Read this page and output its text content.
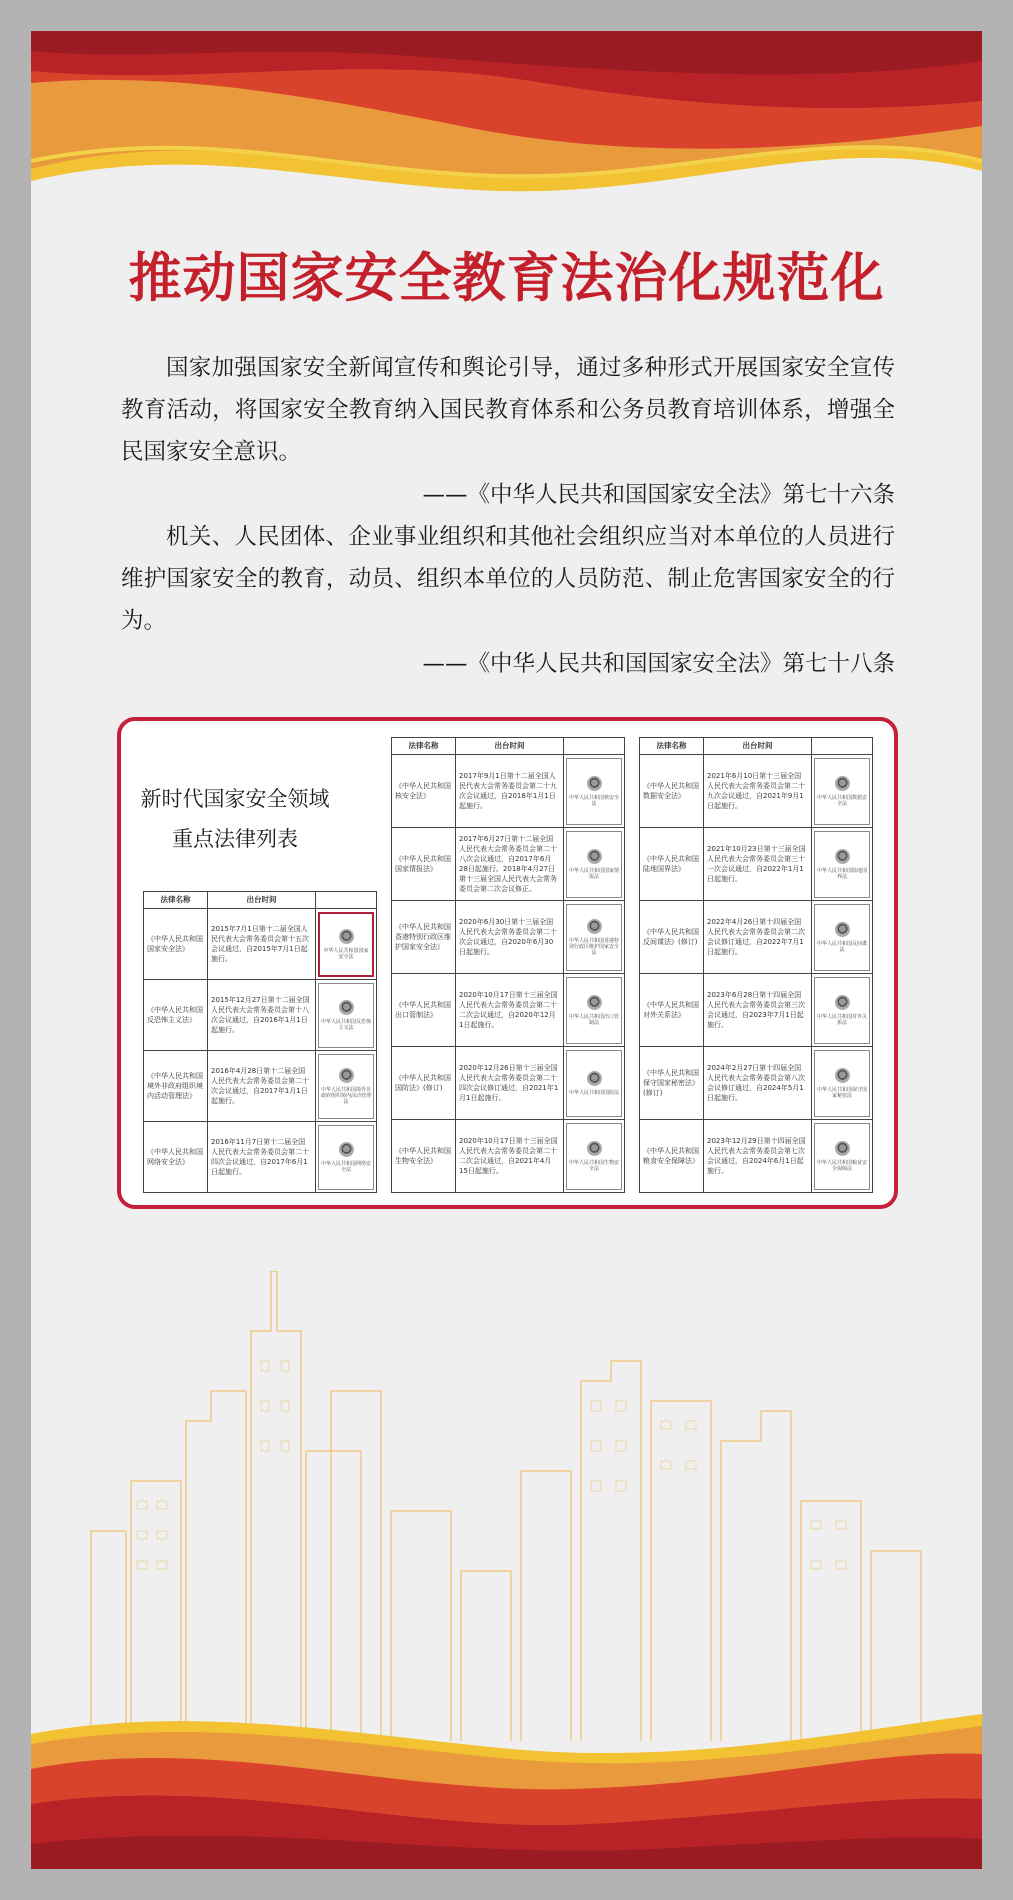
推动国家安全教育法治化规范化
国家加强国家安全新闻宣传和舆论引导，通过多种形式开展国家安全宣传教育活动，将国家安全教育纳入国民教育体系和公务员教育培训体系，增强全民国家安全意识。
——《中华人民共和国国家安全法》第七十六条
机关、人民团体、企业事业组织和其他社会组织应当对本单位的人员进行维护国家安全的教育，动员、组织本单位的人员防范、制止危害国家安全的行为。
——《中华人民共和国国家安全法》第七十八条
新时代国家安全领域
重点法律列表
法律名称	出台时间	
《中华人民共和国国家安全法》	2015年7月1日第十二届全国人民代表大会常务委员会第十五次会议通过，自2015年7月1日起施行。	中华人民共和国国家安全法

《中华人民共和国反恐怖主义法》	2015年12月27日第十二届全国人民代表大会常务委员会第十八次会议通过，自2016年1月1日起施行。	中华人民共和国反恐怖主义法

《中华人民共和国境外非政府组织境内活动管理法》	2016年4月28日第十二届全国人民代表大会常务委员会第二十次会议通过，自2017年1月1日起施行。	中华人民共和国境外非政府组织境内活动管理法

《中华人民共和国网络安全法》	2016年11月7日第十二届全国人民代表大会常务委员会第二十四次会议通过，自2017年6月1日起施行。	中华人民共和国网络安全法
法律名称	出台时间	
《中华人民共和国核安全法》	2017年9月1日第十二届全国人民代表大会常务委员会第二十九次会议通过，自2018年1月1日起施行。	中华人民共和国核安全法

《中华人民共和国国家情报法》	2017年6月27日第十二届全国人民代表大会常务委员会第二十八次会议通过，自2017年6月28日起施行。2018年4月27日第十三届全国人民代表大会常务委员会第二次会议修正。	中华人民共和国国家情报法

《中华人民共和国香港特别行政区维护国家安全法》	2020年6月30日第十三届全国人民代表大会常务委员会第二十次会议通过，自2020年6月30日起施行。	中华人民共和国香港特别行政区维护国家安全法

《中华人民共和国出口管制法》	2020年10月17日第十三届全国人民代表大会常务委员会第二十二次会议通过，自2020年12月1日起施行。	中华人民共和国出口管制法

《中华人民共和国国防法》(修订)	2020年12月26日第十三届全国人民代表大会常务委员会第二十四次会议修订通过，自2021年1月1日起施行。	中华人民共和国国防法

《中华人民共和国生物安全法》	2020年10月17日第十三届全国人民代表大会常务委员会第二十二次会议通过，自2021年4月15日起施行。	中华人民共和国生物安全法
法律名称	出台时间	
《中华人民共和国数据安全法》	2021年6月10日第十三届全国人民代表大会常务委员会第二十九次会议通过，自2021年9月1日起施行。	中华人民共和国数据安全法

《中华人民共和国陆地国界法》	2021年10月23日第十三届全国人民代表大会常务委员会第三十一次会议通过，自2022年1月1日起施行。	中华人民共和国陆地国界法

《中华人民共和国反间谍法》(修订)	2022年4月26日第十四届全国人民代表大会常务委员会第二次会议修订通过，自2022年7月1日起施行。	中华人民共和国反间谍法

《中华人民共和国对外关系法》	2023年6月28日第十四届全国人民代表大会常务委员会第三次会议通过，自2023年7月1日起施行。	中华人民共和国对外关系法

《中华人民共和国保守国家秘密法》(修订)	2024年2月27日第十四届全国人民代表大会常务委员会第八次会议修订通过，自2024年5月1日起施行。	中华人民共和国保守国家秘密法

《中华人民共和国粮食安全保障法》	2023年12月29日第十四届全国人民代表大会常务委员会第七次会议通过，自2024年6月1日起施行。	中华人民共和国粮食安全保障法
